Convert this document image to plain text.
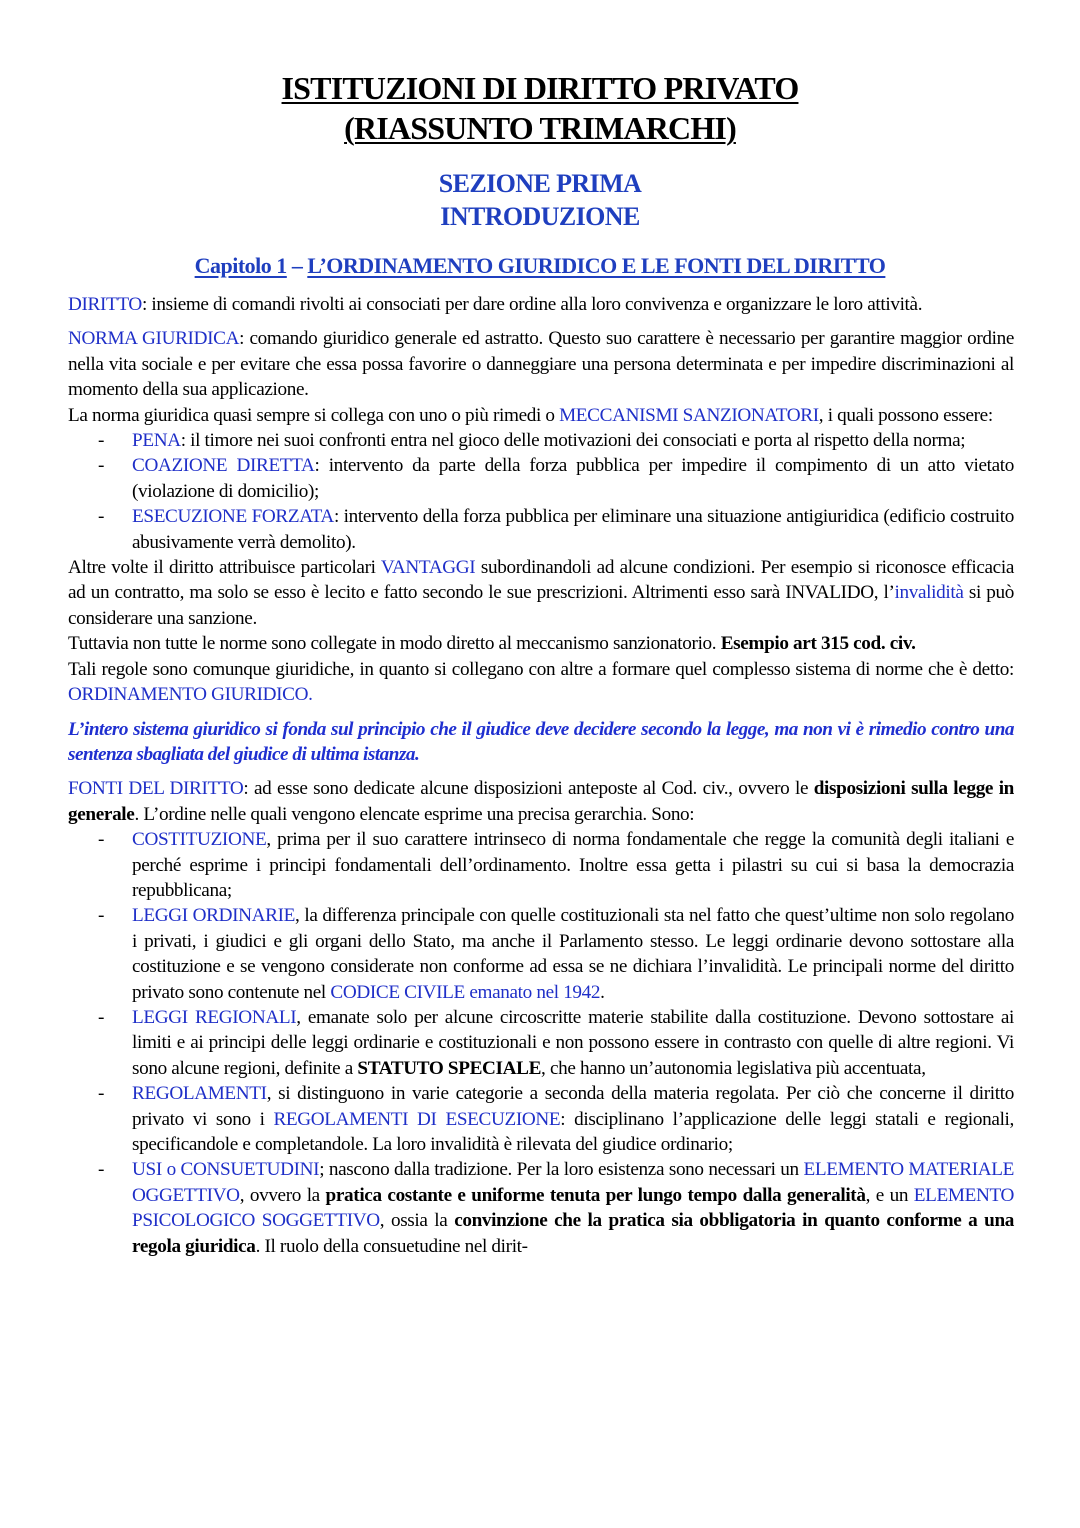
ISTITUZIONI DI DIRITTO PRIVATO
(RIASSUNTO TRIMARCHI)
SEZIONE PRIMA
INTRODUZIONE
Capitolo 1 – L’ORDINAMENTO GIURIDICO E LE FONTI DEL DIRITTO

DIRITTO: insieme di comandi rivolti ai consociati per dare ordine alla loro convivenza e organizzare le loro attività.

NORMA GIURIDICA: comando giuridico generale ed astratto. Questo suo carattere è necessario per garantire maggior ordine nella vita sociale e per evitare che essa possa favorire o danneggiare una persona determinata e per impedire discriminazioni al momento della sua applicazione.

La norma giuridica quasi sempre si collega con uno o più rimedi o MECCANISMI SANZIONATORI, i quali possono essere:

- PENA: il timore nei suoi confronti entra nel gioco delle motivazioni dei consociati e porta al rispetto della norma;
- COAZIONE DIRETTA: intervento da parte della forza pubblica per impedire il compimento di un atto vietato (violazione di domicilio);
- ESECUZIONE FORZATA: intervento della forza pubblica per eliminare una situazione antigiuridica (edificio costruito abusivamente verrà demolito).

Altre volte il diritto attribuisce particolari VANTAGGI subordinandoli ad alcune condizioni. Per esempio si riconosce efficacia ad un contratto, ma solo se esso è lecito e fatto secondo le sue prescrizioni. Altrimenti esso sarà INVALIDO, l’invalidità si può considerare una sanzione.

Tuttavia non tutte le norme sono collegate in modo diretto al meccanismo sanzionatorio. Esempio art 315 cod. civ.

Tali regole sono comunque giuridiche, in quanto si collegano con altre a formare quel complesso sistema di norme che è detto: ORDINAMENTO GIURIDICO.

L’intero sistema giuridico si fonda sul principio che il giudice deve decidere secondo la legge, ma non vi è rimedio contro una sentenza sbagliata del giudice di ultima istanza.

FONTI DEL DIRITTO: ad esse sono dedicate alcune disposizioni anteposte al Cod. civ., ovvero le disposizioni sulla legge in generale. L’ordine nelle quali vengono elencate esprime una precisa gerarchia. Sono:

- COSTITUZIONE, prima per il suo carattere intrinseco di norma fondamentale che regge la comunità degli italiani e perché esprime i principi fondamentali dell’ordinamento. Inoltre essa getta i pilastri su cui si basa la democrazia repubblicana;
- LEGGI ORDINARIE, la differenza principale con quelle costituzionali sta nel fatto che quest’ultime non solo regolano i privati, i giudici e gli organi dello Stato, ma anche il Parlamento stesso. Le leggi ordinarie devono sottostare alla costituzione e se vengono considerate non conforme ad essa se ne dichiara l’invalidità. Le principali norme del diritto privato sono contenute nel CODICE CIVILE emanato nel 1942.
- LEGGI REGIONALI, emanate solo per alcune circoscritte materie stabilite dalla costituzione. Devono sottostare ai limiti e ai principi delle leggi ordinarie e costituzionali e non possono essere in contrasto con quelle di altre regioni. Vi sono alcune regioni, definite a STATUTO SPECIALE, che hanno un’autonomia legislativa più accentuata,
- REGOLAMENTI, si distinguono in varie categorie a seconda della materia regolata. Per ciò che concerne il diritto privato vi sono i REGOLAMENTI DI ESECUZIONE: disciplinano l’applicazione delle leggi statali e regionali, specificandole e completandole. La loro invalidità è rilevata del giudice ordinario;
- USI o CONSUETUDINI; nascono dalla tradizione. Per la loro esistenza sono necessari un ELEMENTO MATERIALE OGGETTIVO, ovvero la pratica costante e uniforme tenuta per lungo tempo dalla generalità, e un ELEMENTO PSICOLOGICO SOGGETTIVO, ossia la convinzione che la pratica sia obbligatoria in quanto conforme a una regola giuridica. Il ruolo della consuetudine nel dirit-
